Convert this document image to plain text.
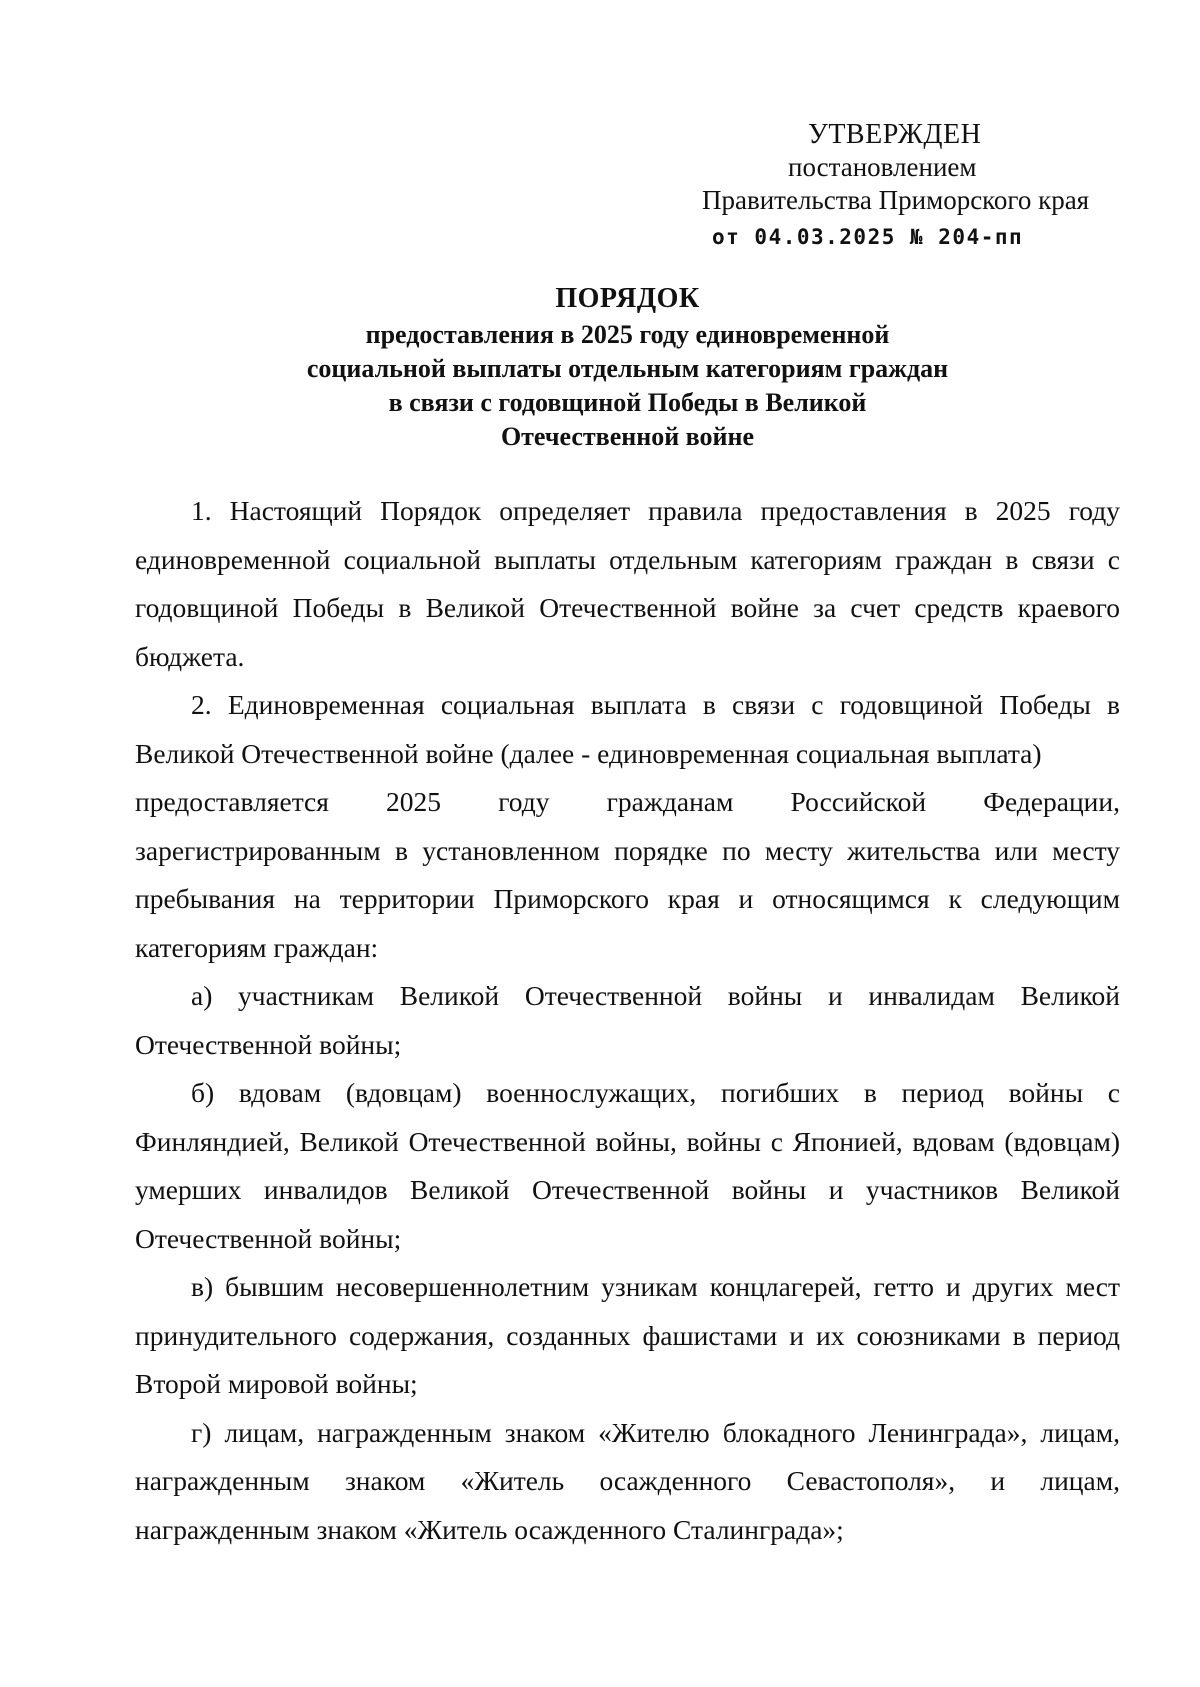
УТВЕРЖДЕН
постановлением
Правительства Приморского края
от 04.03.2025 № 204-пп
ПОРЯДОК
предоставления в 2025 году единовременной
социальной выплаты отдельным категориям граждан
в связи с годовщиной Победы в Великой
Отечественной войне

1. Настоящий Порядок определяет правила предоставления в 2025 году единовременной социальной выплаты отдельным категориям граждан в связи с годовщиной Победы в Великой Отечественной войне за счет средств краевого бюджета.

2. Единовременная социальная выплата в связи с годовщиной Победы в Великой Отечественной войне (далее - единовременная социальная выплата)
предоставляется 2025 году гражданам Российской Федерации,
зарегистрированным в установленном порядке по месту жительства или месту пребывания на территории Приморского края и относящимся к следующим категориям граждан:

а) участникам Великой Отечественной войны и инвалидам Великой Отечественной войны;

б) вдовам (вдовцам) военнослужащих, погибших в период войны с Финляндией, Великой Отечественной войны, войны с Японией, вдовам (вдовцам) умерших инвалидов Великой Отечественной войны и участников Великой Отечественной войны;

в) бывшим несовершеннолетним узникам концлагерей, гетто и других мест принудительного содержания, созданных фашистами и их союзниками в период Второй мировой войны;

г) лицам, награжденным знаком «Жителю блокадного Ленинграда», лицам, награжденным знаком «Житель осажденного Севастополя», и лицам, награжденным знаком «Житель осажденного Сталинграда»;
